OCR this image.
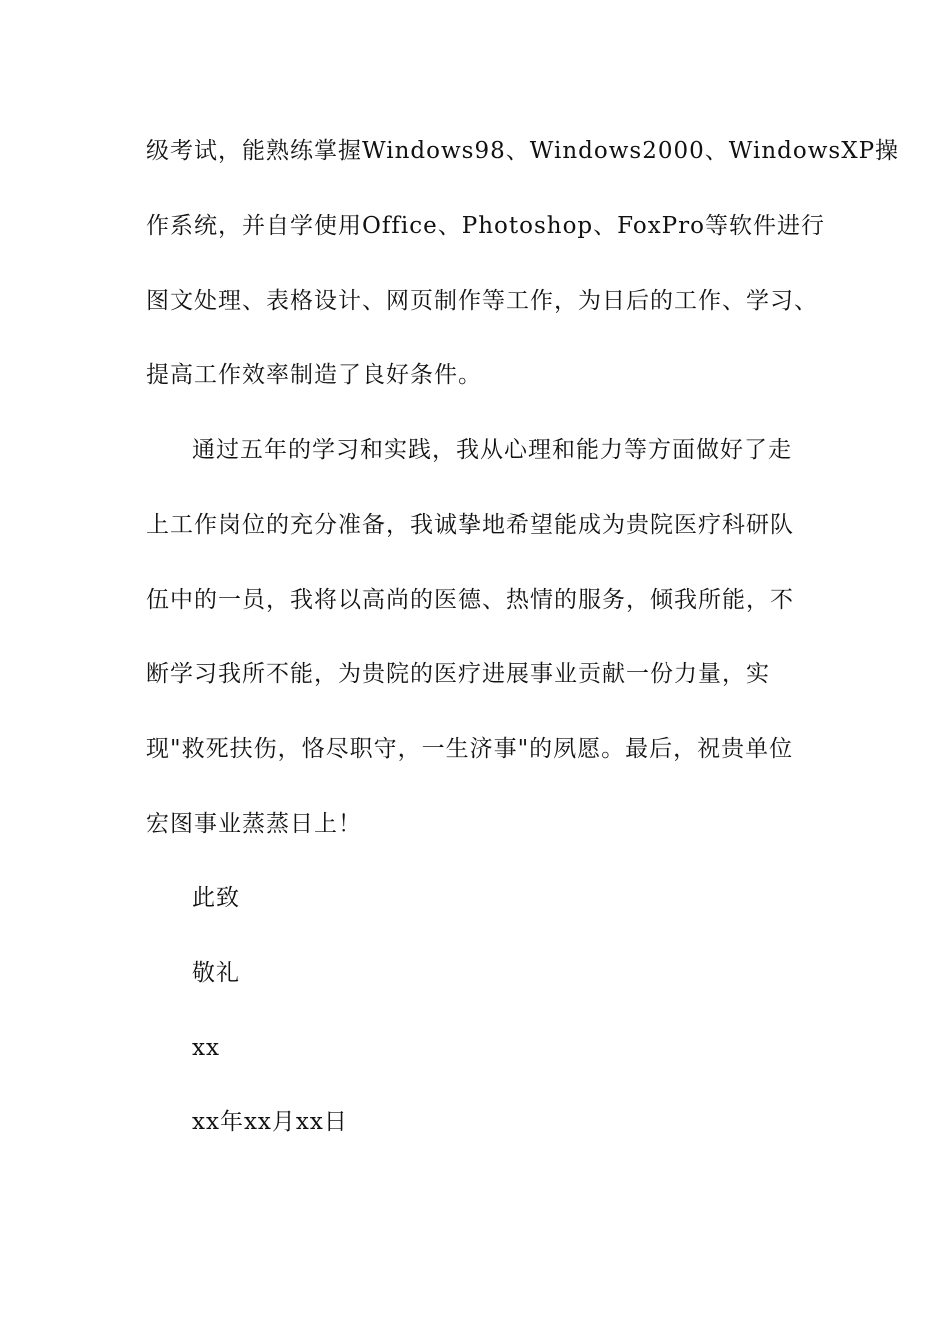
级考试，能熟练掌握Windows98、Windows2000、WindowsXP操

作系统，并自学使用Office、Photoshop、FoxPro等软件进行

图文处理、表格设计、网页制作等工作，为日后的工作、学习、

提高工作效率制造了良好条件。

通过五年的学习和实践，我从心理和能力等方面做好了走

上工作岗位的充分准备，我诚挚地希望能成为贵院医疗科研队

伍中的一员，我将以高尚的医德、热情的服务，倾我所能，不

断学习我所不能，为贵院的医疗进展事业贡献一份力量，实

现"救死扶伤，恪尽职守，一生济事"的夙愿。最后，祝贵单位

宏图事业蒸蒸日上！

此致

敬礼

xx

xx年xx月xx日
